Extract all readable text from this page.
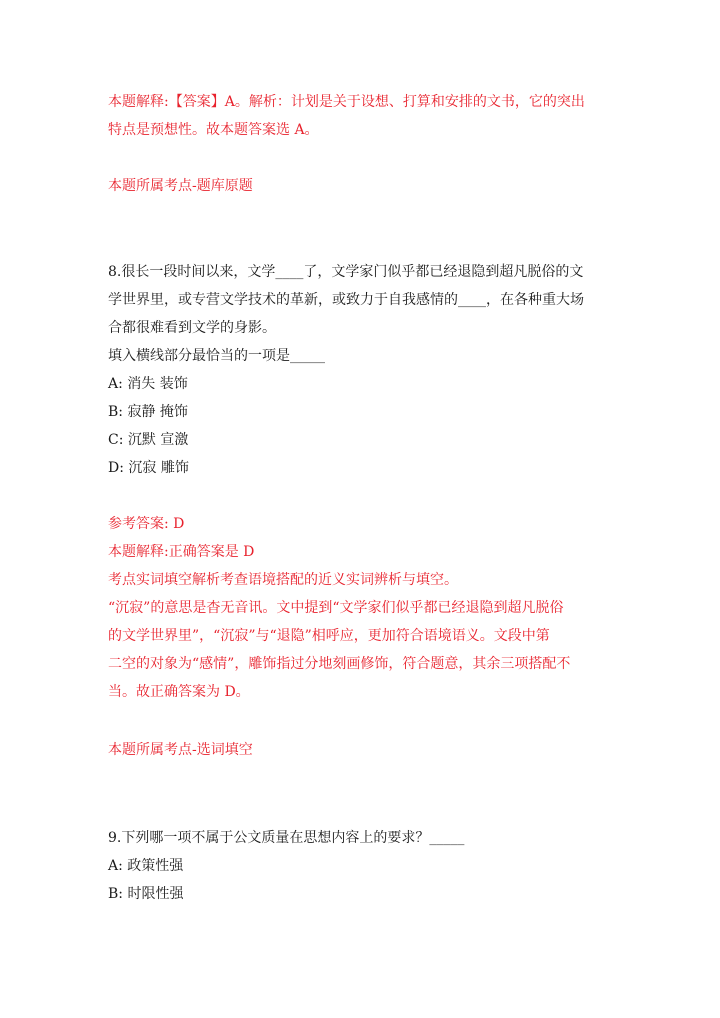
本题解释:【答案】A。解析：计划是关于设想、打算和安排的文书，它的突出
特点是预想性。故本题答案选 A。
本题所属考点-题库原题
8.很长一段时间以来，文学____了，文学家门似乎都已经退隐到超凡脱俗的文
学世界里，或专营文学技术的革新，或致力于自我感情的____，在各种重大场
合都很难看到文学的身影。
填入横线部分最恰当的一项是_____
A: 消失 装饰
B: 寂静 掩饰
C: 沉默 宣激
D: 沉寂 雕饰
参考答案: D
本题解释:正确答案是 D
考点实词填空解析考查语境搭配的近义实词辨析与填空。
“沉寂”的意思是杳无音讯。文中提到“文学家们似乎都已经退隐到超凡脱俗
的文学世界里”，“沉寂”与“退隐”相呼应，更加符合语境语义。文段中第
二空的对象为“感情”，雕饰指过分地刻画修饰，符合题意，其余三项搭配不
当。故正确答案为 D。
本题所属考点-选词填空
9.下列哪一项不属于公文质量在思想内容上的要求？_____
A: 政策性强
B: 时限性强
